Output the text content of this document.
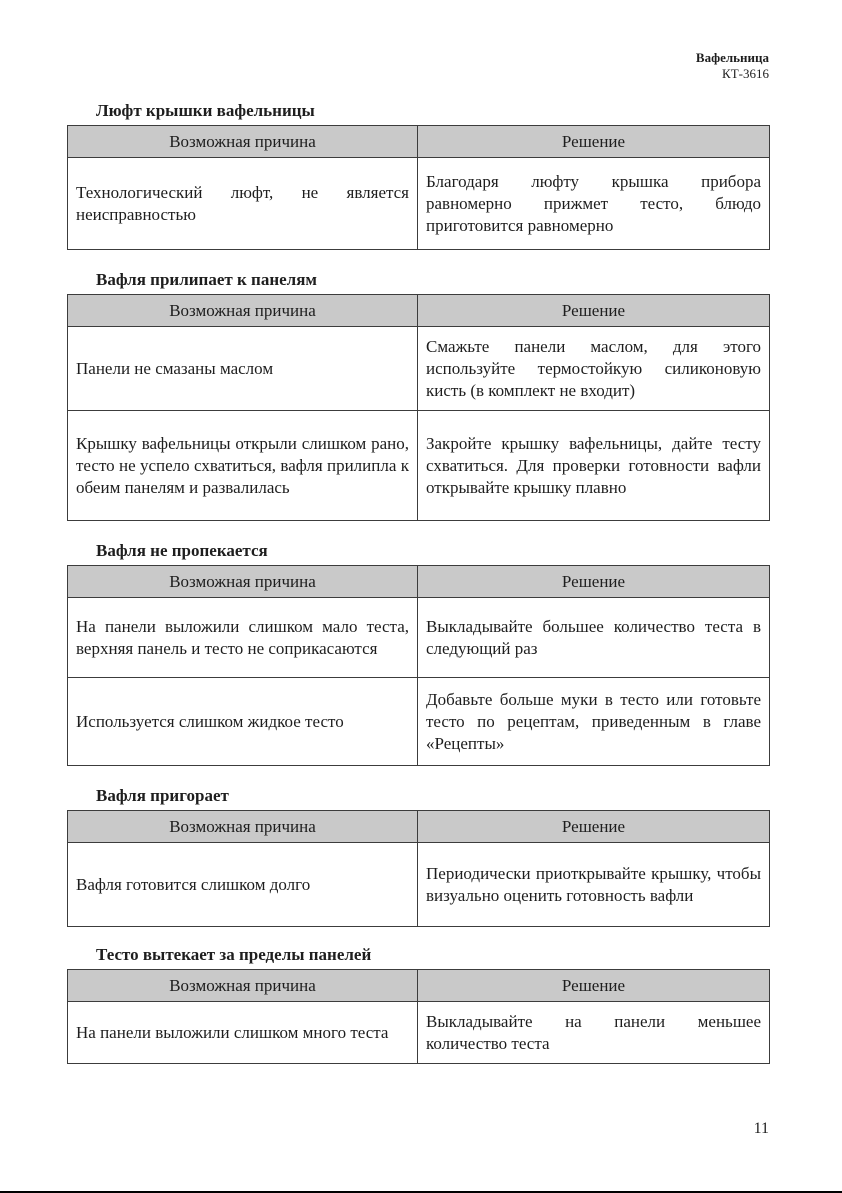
Вафельница
КТ-3616
Люфт крышки вафельницы
Возможная причина	Решение
Технологический люфт, не является неисправностью	Благодаря люфту крышка прибора равномерно прижмет тесто, блюдо приготовится равномерно
Вафля прилипает к панелям
Возможная причина	Решение
Панели не смазаны маслом	Смажьте панели маслом, для этого используйте термостойкую силиконовую кисть (в комплект не входит)
Крышку вафельницы открыли слишком рано, тесто не успело схватиться, вафля прилипла к обеим панелям и развалилась	Закройте крышку вафельницы, дайте тесту схватиться. Для проверки готовности вафли открывайте крышку плавно
Вафля не пропекается
Возможная причина	Решение
На панели выложили слишком мало теста, верхняя панель и тесто не соприкасаются	Выкладывайте большее количество теста в следующий раз
Используется слишком жидкое тесто	Добавьте больше муки в тесто или готовьте тесто по рецептам, приведенным в главе «Рецепты»
Вафля пригорает
Возможная причина	Решение
Вафля готовится слишком долго	Периодически приоткрывайте крышку, чтобы визуально оценить готовность вафли
Тесто вытекает за пределы панелей
Возможная причина	Решение
На панели выложили слишком много теста	Выкладывайте на панели меньшее количество теста
11
